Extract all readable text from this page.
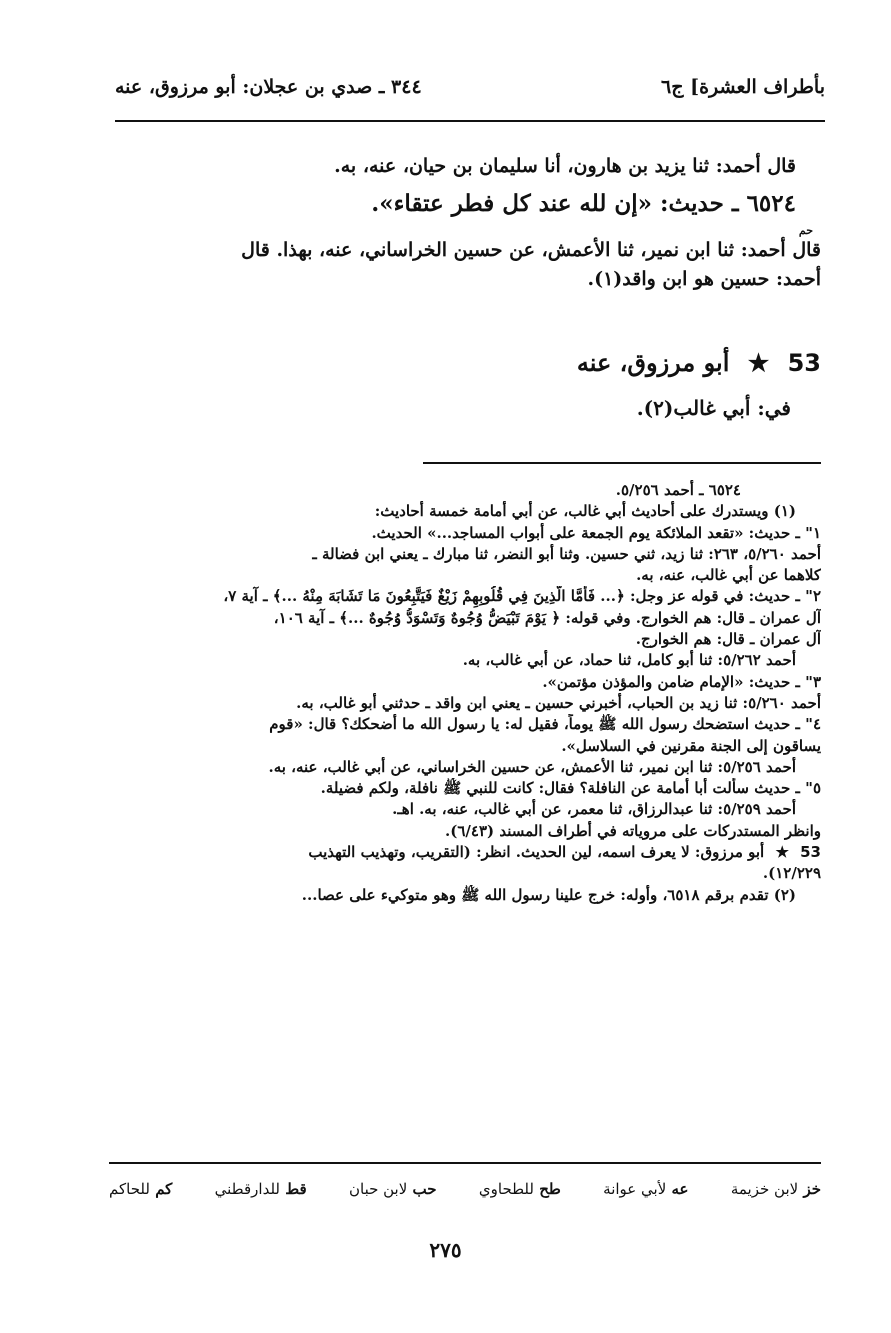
بأطراف العشرة] ج٦
٣٤٤ ـ صدي بن عجلان: أبو مرزوق، عنه
قال أحمد: ثنا يزيد بن هارون، أنا سليمان بن حيان، عنه، به.
٦٥٢٤ ـ حديث: «إن لله عند كل فطر عتقاء».
حم
قال أحمد: ثنا ابن نمير، ثنا الأعمش، عن حسين الخراساني، عنه، بهذا. قال
أحمد: حسين هو ابن واقد(١).
53 ★ أبو مرزوق، عنه
في: أبي غالب(٢).
٦٥٢٤ ـ أحمد ٥/٢٥٦.
(١) ويستدرك على أحاديث أبي غالب، عن أبي أمامة خمسة أحاديث:
١" ـ حديث: «تقعد الملائكة يوم الجمعة على أبواب المساجد...» الحديث.
أحمد ٥/٢٦٠، ٢٦٣: ثنا زيد، ثني حسين. وثنا أبو النضر، ثنا مبارك ـ يعني ابن فضالة ـ
كلاهما عن أبي غالب، عنه، به.
٢" ـ حديث: في قوله عز وجل: ﴿... فَأَمَّا الَّذِينَ فِي قُلُوبِهِمْ زَيْغٌ فَيَتَّبِعُونَ مَا تَشَابَهَ مِنْهُ ...﴾ ـ آية ٧،
آل عمران ـ قال: هم الخوارج. وفي قوله: ﴿ يَوْمَ تَبْيَضُّ وُجُوهٌ وَتَسْوَدُّ وُجُوهٌ ...﴾ ـ آية ١٠٦،
آل عمران ـ قال: هم الخوارج.
أحمد ٥/٢٦٢: ثنا أبو كامل، ثنا حماد، عن أبي غالب، به.
٣" ـ حديث: «الإمام ضامن والمؤذن مؤتمن».
أحمد ٥/٢٦٠: ثنا زيد بن الحباب، أخبرني حسين ـ يعني ابن واقد ـ حدثني أبو غالب، به.
٤" ـ حديث استضحك رسول الله ﷺ يوماً، فقيل له: يا رسول الله ما أضحكك؟ قال: «قوم
يساقون إلى الجنة مقرنين في السلاسل».
أحمد ٥/٢٥٦: ثنا ابن نمير، ثنا الأعمش، عن حسين الخراساني، عن أبي غالب، عنه، به.
٥" ـ حديث سألت أبا أمامة عن النافلة؟ فقال: كانت للنبي ﷺ نافلة، ولكم فضيلة.
أحمد ٥/٢٥٩: ثنا عبدالرزاق، ثنا معمر، عن أبي غالب، عنه، به. اهـ.
وانظر المستدركات على مروياته في أطراف المسند (٦/٤٣).
53 ★ أبو مرزوق: لا يعرف اسمه، لين الحديث. انظر: (التقريب، وتهذيب التهذيب
١٢/٢٢٩).
(٢) تقدم برقم ٦٥١٨، وأوله: خرج علينا رسول الله ﷺ وهو متوكيء على عصا...
خز لابن خزيمة
عه لأبي عوانة
طح للطحاوي
حب لابن حبان
قط للدارقطني
كم للحاكم
٢٧٥
